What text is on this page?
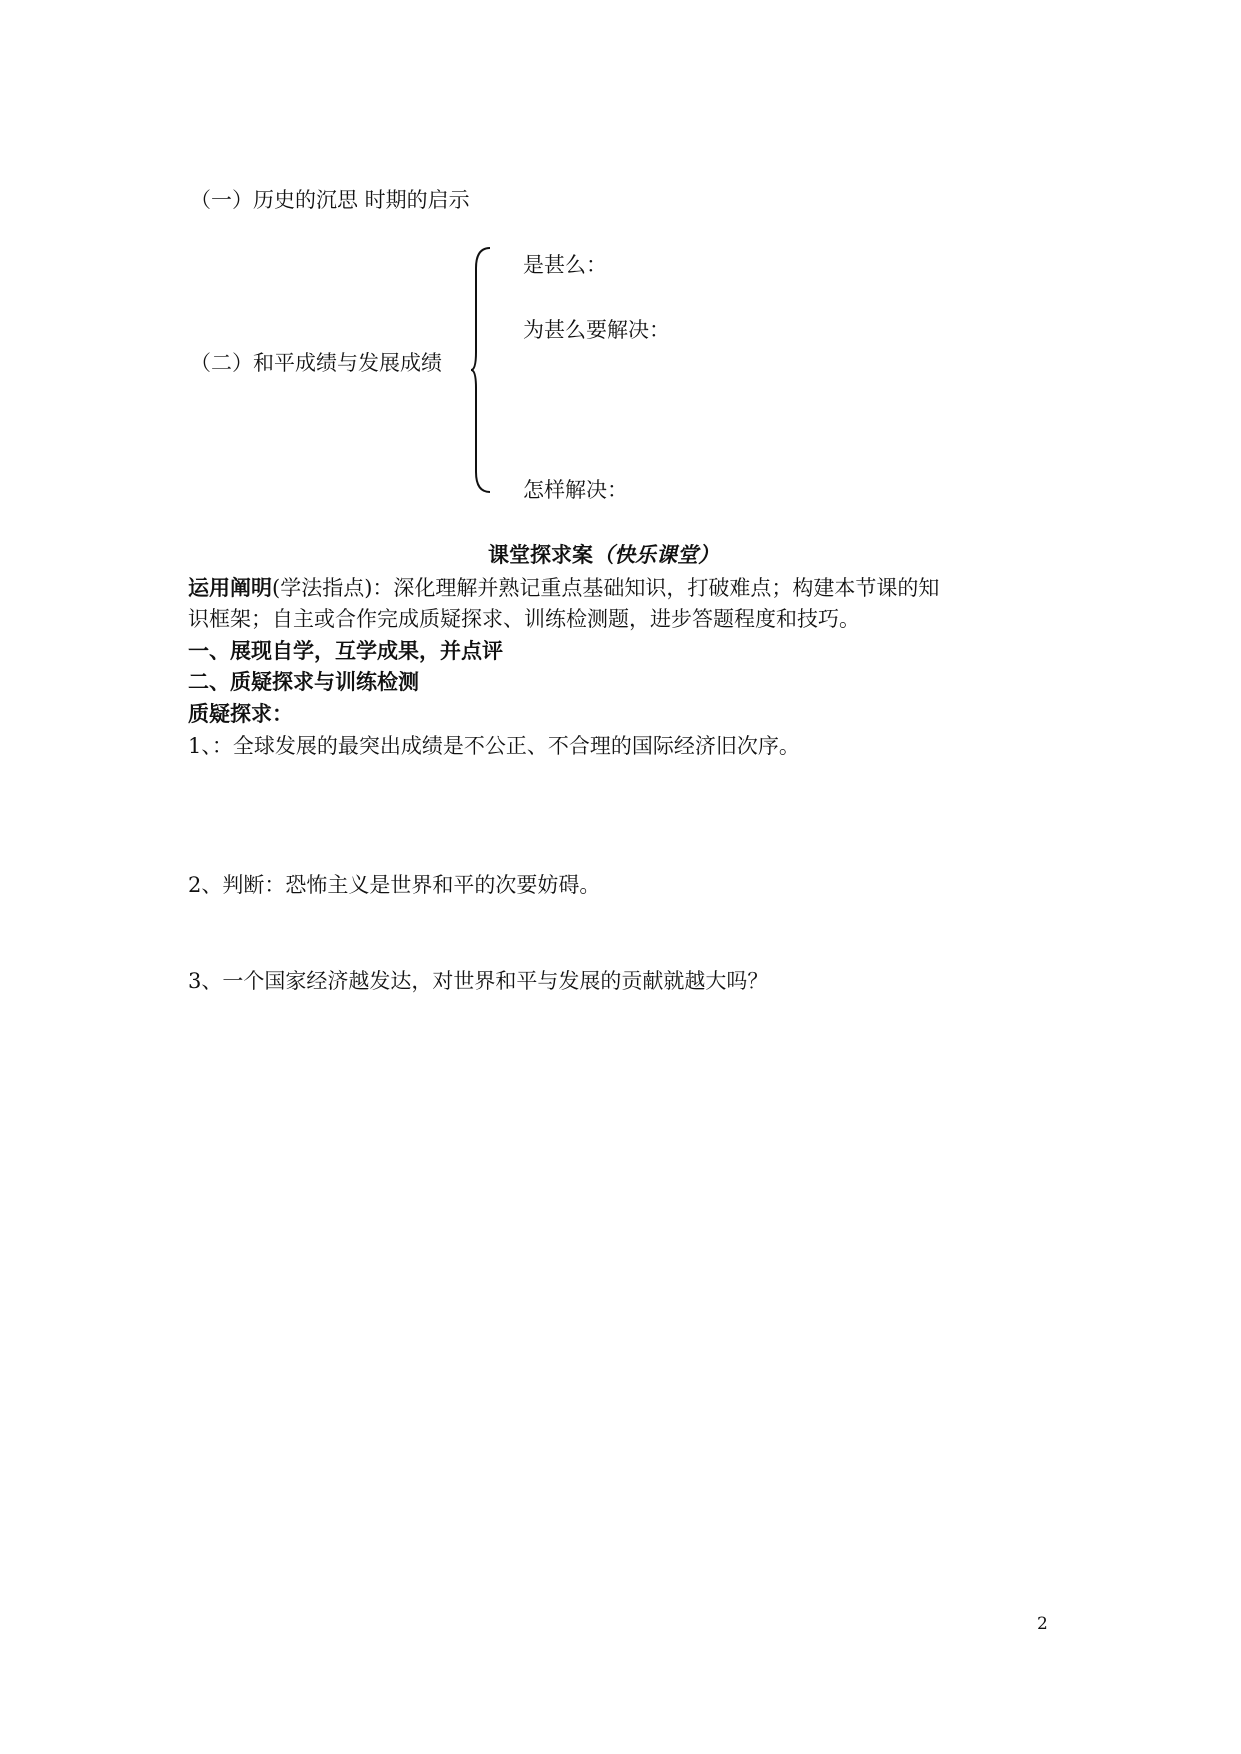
（一）历史的沉思 时期的启示
是甚么：
为甚么要解决：
（二）和平成绩与发展成绩
怎样解决：
课堂探求案（快乐课堂）
运用阐明(学法指点)：深化理解并熟记重点基础知识，打破难点；构建本节课的知
识框架；自主或合作完成质疑探求、训练检测题，进步答题程度和技巧。
一、展现自学，互学成果，并点评
二、质疑探求与训练检测
质疑探求：
1、：全球发展的最突出成绩是不公正、不合理的国际经济旧次序。
2、判断：恐怖主义是世界和平的次要妨碍。
3、一个国家经济越发达，对世界和平与发展的贡献就越大吗？
2
